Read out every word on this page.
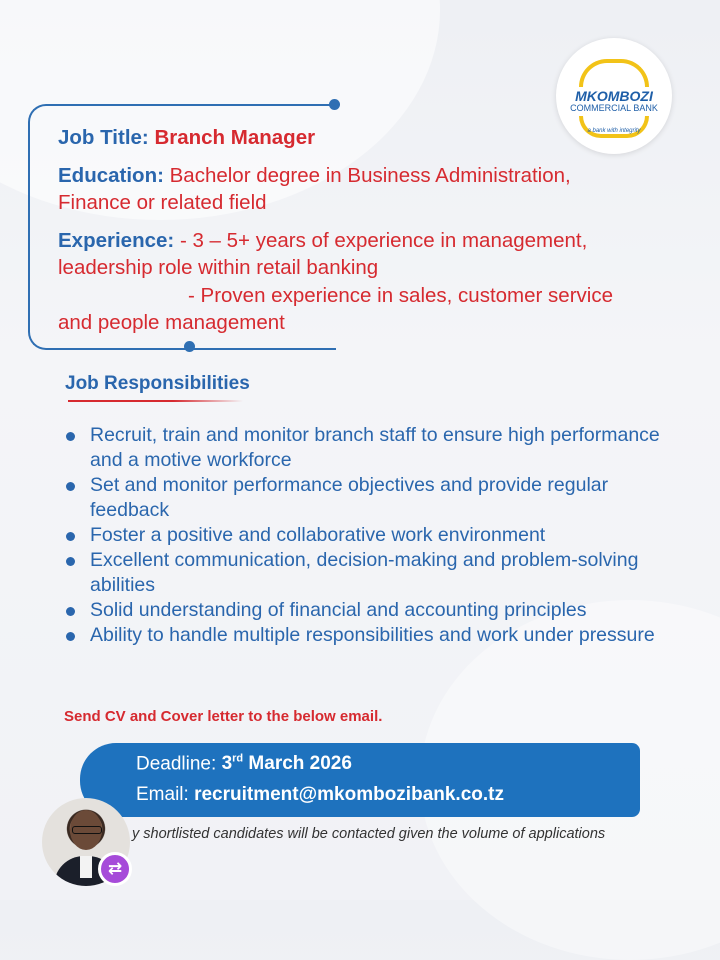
MKOMBOZI
COMMERCIAL BANK
a bank with integrity
Job Title: Branch Manager
Education: Bachelor degree in Business Administration,
Finance or related field
Experience: - 3 – 5+ years of experience in management,
leadership role within retail banking
- Proven experience in sales, customer service
and people management
Job Responsibilities
Recruit, train and monitor branch staff to ensure high performance and a motive workforce
Set and monitor performance objectives and provide regular feedback
Foster a positive and collaborative work environment
Excellent communication, decision-making and problem-solving abilities
Solid understanding of financial and accounting principles
Ability to handle multiple responsibilities and work under pressure
Send CV and Cover letter to the below email.
Deadline: 3rd March 2026
Email: recruitment@mkombozibank.co.tz
y shortlisted candidates will be contacted given the volume of applications
⇄
